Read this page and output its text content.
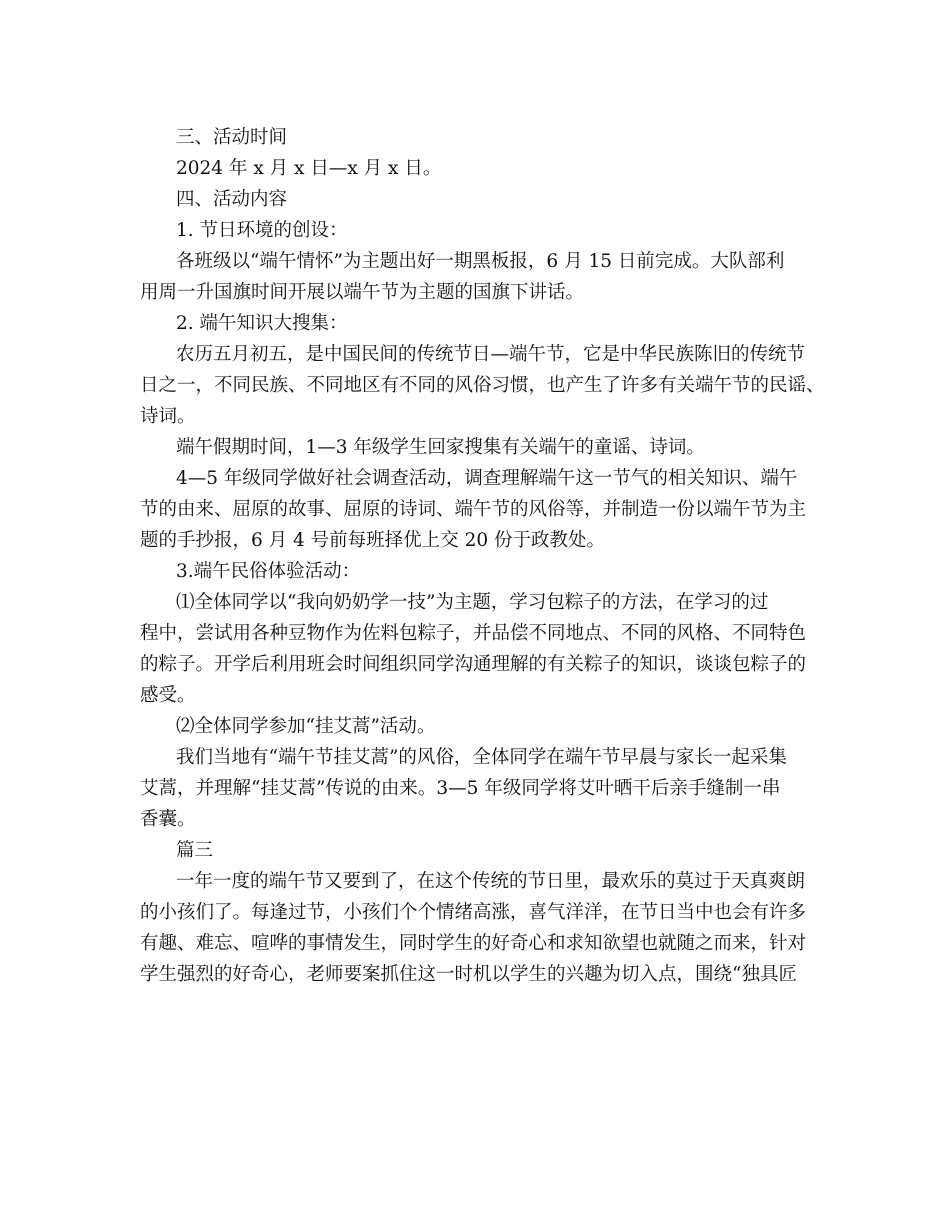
三、活动时间
2024 年 x 月 x 日—x 月 x 日。
四、活动内容
1. 节日环境的创设：
各班级以“端午情怀”为主题出好一期黑板报，6 月 15 日前完成。大队部利
用周一升国旗时间开展以端午节为主题的国旗下讲话。
2. 端午知识大搜集：
农历五月初五，是中国民间的传统节日—端午节，它是中华民族陈旧的传统节
日之一，不同民族、不同地区有不同的风俗习惯，也产生了许多有关端午节的民谣、
诗词。
端午假期时间，1—3 年级学生回家搜集有关端午的童谣、诗词。
4—5 年级同学做好社会调查活动，调查理解端午这一节气的相关知识、端午
节的由来、屈原的故事、屈原的诗词、端午节的风俗等，并制造一份以端午节为主
题的手抄报，6 月 4 号前每班择优上交 20 份于政教处。
3.端午民俗体验活动：
⑴全体同学以“我向奶奶学一技”为主题，学习包粽子的方法，在学习的过
程中，尝试用各种豆物作为佐料包粽子，并品偿不同地点、不同的风格、不同特色
的粽子。开学后利用班会时间组织同学沟通理解的有关粽子的知识，谈谈包粽子的
感受。
⑵全体同学参加“挂艾蒿”活动。
我们当地有“端午节挂艾蒿”的风俗，全体同学在端午节早晨与家长一起采集
艾蒿，并理解“挂艾蒿”传说的由来。3—5 年级同学将艾叶晒干后亲手缝制一串
香囊。
篇三
一年一度的端午节又要到了，在这个传统的节日里，最欢乐的莫过于天真爽朗
的小孩们了。每逢过节，小孩们个个情绪高涨，喜气洋洋，在节日当中也会有许多
有趣、难忘、喧哗的事情发生，同时学生的好奇心和求知欲望也就随之而来，针对
学生强烈的好奇心，老师要案抓住这一时机以学生的兴趣为切入点，围绕“独具匠
